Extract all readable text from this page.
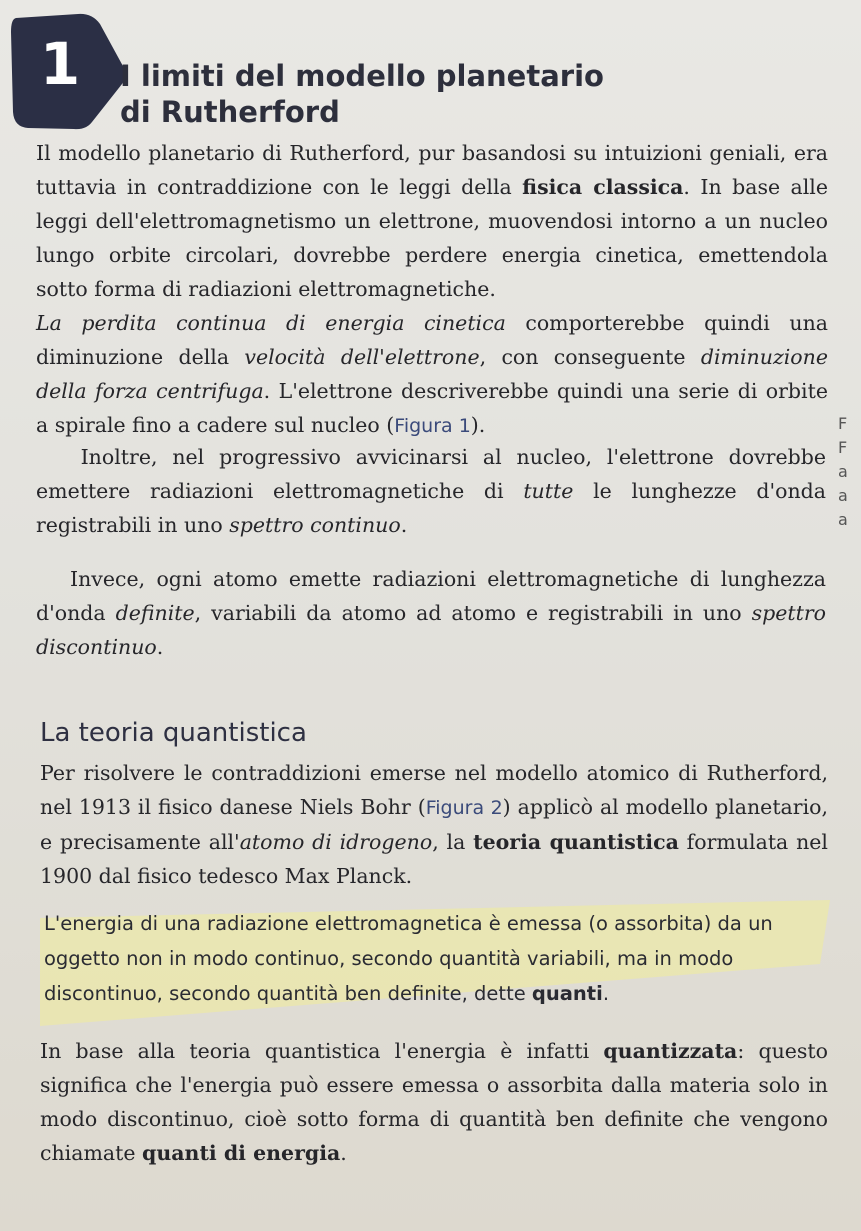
1	I limiti del modello planetario
di Rutherford
Il modello planetario di Rutherford, pur basandosi su intuizioni geniali, era tuttavia in contraddizione con le leggi della fisica classica. In base alle leggi dell'elettromagnetismo un elettrone, muovendosi intorno a un nucleo lungo orbite circolari, dovrebbe perdere energia cinetica, emettendola sotto forma di radiazioni elettromagnetiche.
La perdita continua di energia cinetica comporterebbe quindi una diminuzione della velocità dell'elettrone, con conseguente diminuzione della forza centrifuga. L'elettrone descriverebbe quindi una serie di orbite a spirale fino a cadere sul nucleo (Figura 1).
Inoltre, nel progressivo avvicinarsi al nucleo, l'elettrone dovrebbe emettere radiazioni elettromagnetiche di tutte le lunghezze d'onda registrabili in uno spettro continuo.
Invece, ogni atomo emette radiazioni elettromagnetiche di lunghezza d'onda definite, variabili da atomo ad atomo e registrabili in uno spettro discontinuo.
La teoria quantistica
Per risolvere le contraddizioni emerse nel modello atomico di Rutherford, nel 1913 il fisico danese Niels Bohr (Figura 2) applicò al modello planetario, e precisamente all'atomo di idrogeno, la teoria quantistica formulata nel 1900 dal fisico tedesco Max Planck.
L'energia di una radiazione elettromagnetica è emessa (o assorbita) da un oggetto non in modo continuo, secondo quantità variabili, ma in modo discontinuo, secondo quantità ben definite, dette quanti.
In base alla teoria quantistica l'energia è infatti quantizzata: questo significa che l'energia può essere emessa o assorbita dalla materia solo in modo discontinuo, cioè sotto forma di quantità ben definite che vengono chiamate quanti di energia.
F
F
a
a
a
